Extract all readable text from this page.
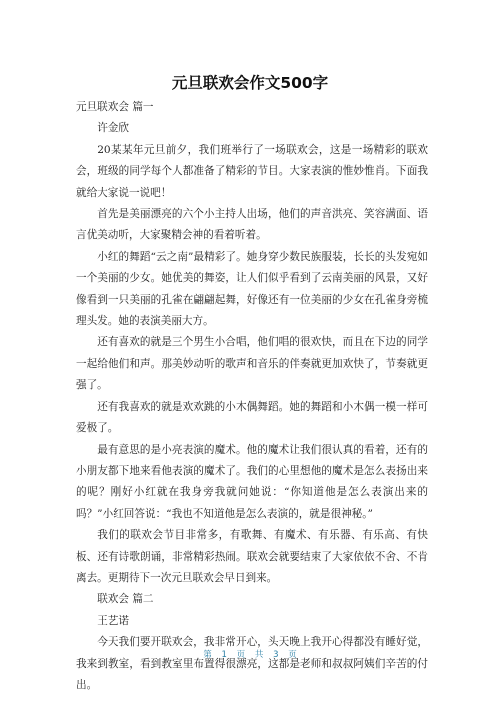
元旦联欢会作文500字

元旦联欢会 篇一

许金欣

20某某年元旦前夕，我们班举行了一场联欢会，这是一场精彩的联欢会，班级的同学每个人都准备了精彩的节目。大家表演的惟妙惟肖。下面我就给大家说一说吧！

首先是美丽漂亮的六个小主持人出场，他们的声音洪亮、笑容满面、语言优美动听，大家聚精会神的看着听着。

小红的舞蹈“云之南”最精彩了。她身穿少数民族服装，长长的头发宛如一个美丽的少女。她优美的舞姿，让人们似乎看到了云南美丽的风景，又好像看到一只美丽的孔雀在翩翩起舞，好像还有一位美丽的少女在孔雀身旁梳理头发。她的表演美丽大方。

还有喜欢的就是三个男生小合唱，他们唱的很欢快，而且在下边的同学一起给他们和声。那美妙动听的歌声和音乐的伴奏就更加欢快了，节奏就更强了。

还有我喜欢的就是欢欢跳的小木偶舞蹈。她的舞蹈和小木偶一模一样可爱极了。

最有意思的是小亮表演的魔术。他的魔术让我们很认真的看着，还有的小朋友都下地来看他表演的魔术了。我们的心里想他的魔术是怎么表扬出来的呢？刚好小红就在我身旁我就问她说：“你知道他是怎么表演出来的吗？”小红回答说：“我也不知道他是怎么表演的，就是很神秘。”

我们的联欢会节目非常多，有歌舞、有魔术、有乐器、有乐高、有快板、还有诗歌朗诵，非常精彩热闹。联欢会就要结束了大家依依不舍、不肯离去。更期待下一次元旦联欢会早日到来。

联欢会 篇二

王艺诺

今天我们要开联欢会，我非常开心，头天晚上我开心得都没有睡好觉，我来到教室，看到教室里布置得很漂亮，这都是老师和叔叔阿姨们辛苦的付出。

第 1 页 共 3 页
